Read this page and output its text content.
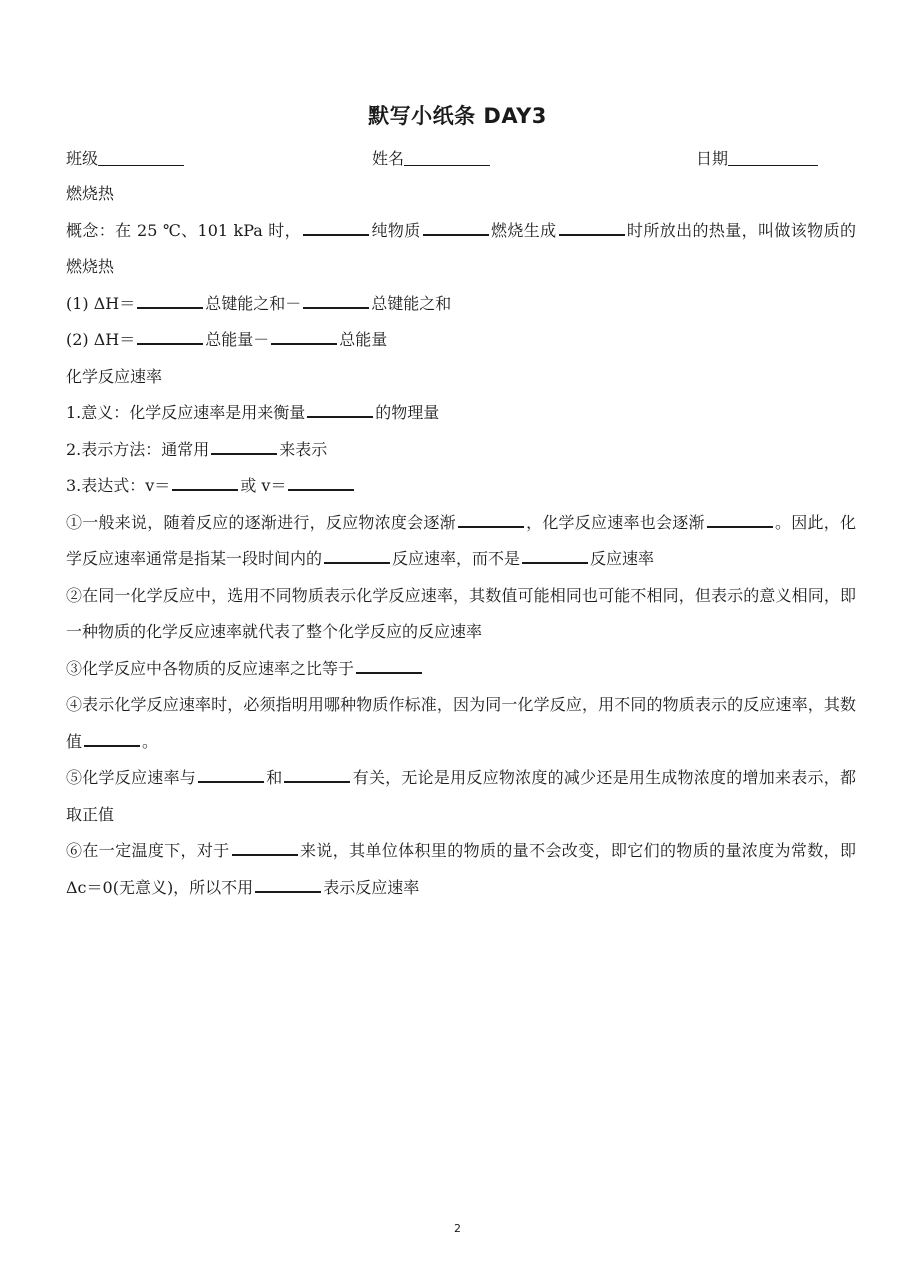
默写小纸条 DAY3
班级	姓名	日期

燃烧热

概念：在 25 ℃、101 kPa 时，	纯物质	燃烧生成	时所放出的热量，叫做该物质的燃烧热

(1) ΔH＝	总键能之和－	总键能之和

(2) ΔH＝	总能量－	总能量

化学反应速率

1.意义：化学反应速率是用来衡量	的物理量

2.表示方法：通常用	来表示

3.表达式：v＝	或 v＝

①一般来说，随着反应的逐渐进行，反应物浓度会逐渐	，化学反应速率也会逐渐	。因此，化学反应速率通常是指某一段时间内的	反应速率，而不是	反应速率

②在同一化学反应中，选用不同物质表示化学反应速率，其数值可能相同也可能不相同，但表示的意义相同，即一种物质的化学反应速率就代表了整个化学反应的反应速率

③化学反应中各物质的反应速率之比等于

④表示化学反应速率时，必须指明用哪种物质作标准，因为同一化学反应，用不同的物质表示的反应速率，其数值	。

⑤化学反应速率与	和	有关，无论是用反应物浓度的减少还是用生成物浓度的增加来表示，都取正值

⑥在一定温度下，对于	来说，其单位体积里的物质的量不会改变，即它们的物质的量浓度为常数，即Δc＝0(无意义)，所以不用	表示反应速率

2
